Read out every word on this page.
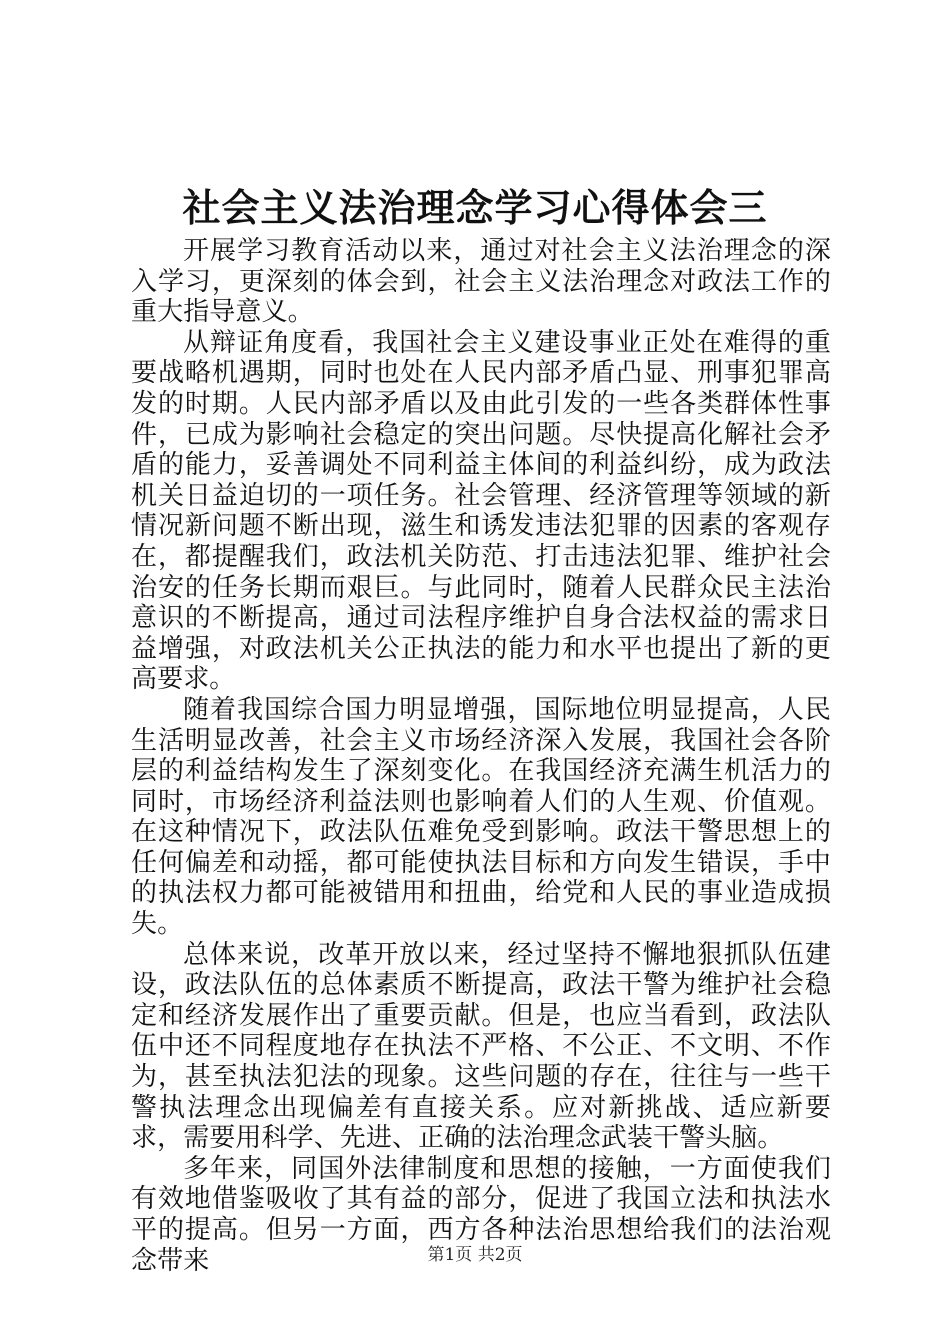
社会主义法治理念学习心得体会三

开展学习教育活动以来，通过对社会主义法治理念的深入学习，更深刻的体会到，社会主义法治理念对政法工作的重大指导意义。

从辩证角度看，我国社会主义建设事业正处在难得的重要战略机遇期，同时也处在人民内部矛盾凸显、刑事犯罪高发的时期。人民内部矛盾以及由此引发的一些各类群体性事件，已成为影响社会稳定的突出问题。尽快提高化解社会矛盾的能力，妥善调处不同利益主体间的利益纠纷，成为政法机关日益迫切的一项任务。社会管理、经济管理等领域的新情况新问题不断出现，滋生和诱发违法犯罪的因素的客观存在，都提醒我们，政法机关防范、打击违法犯罪、维护社会治安的任务长期而艰巨。与此同时，随着人民群众民主法治意识的不断提高，通过司法程序维护自身合法权益的需求日益增强，对政法机关公正执法的能力和水平也提出了新的更高要求。

随着我国综合国力明显增强，国际地位明显提高，人民生活明显改善，社会主义市场经济深入发展，我国社会各阶层的利益结构发生了深刻变化。在我国经济充满生机活力的同时，市场经济利益法则也影响着人们的人生观、价值观。在这种情况下，政法队伍难免受到影响。政法干警思想上的任何偏差和动摇，都可能使执法目标和方向发生错误，手中的执法权力都可能被错用和扭曲，给党和人民的事业造成损失。

总体来说，改革开放以来，经过坚持不懈地狠抓队伍建设，政法队伍的总体素质不断提高，政法干警为维护社会稳定和经济发展作出了重要贡献。但是，也应当看到，政法队伍中还不同程度地存在执法不严格、不公正、不文明、不作为，甚至执法犯法的现象。这些问题的存在，往往与一些干警执法理念出现偏差有直接关系。应对新挑战、适应新要求，需要用科学、先进、正确的法治理念武装干警头脑。

多年来，同国外法律制度和思想的接触，一方面使我们有效地借鉴吸收了其有益的部分，促进了我国立法和执法水平的提高。但另一方面，西方各种法治思想给我们的法治观念带来	第1页 共2页
